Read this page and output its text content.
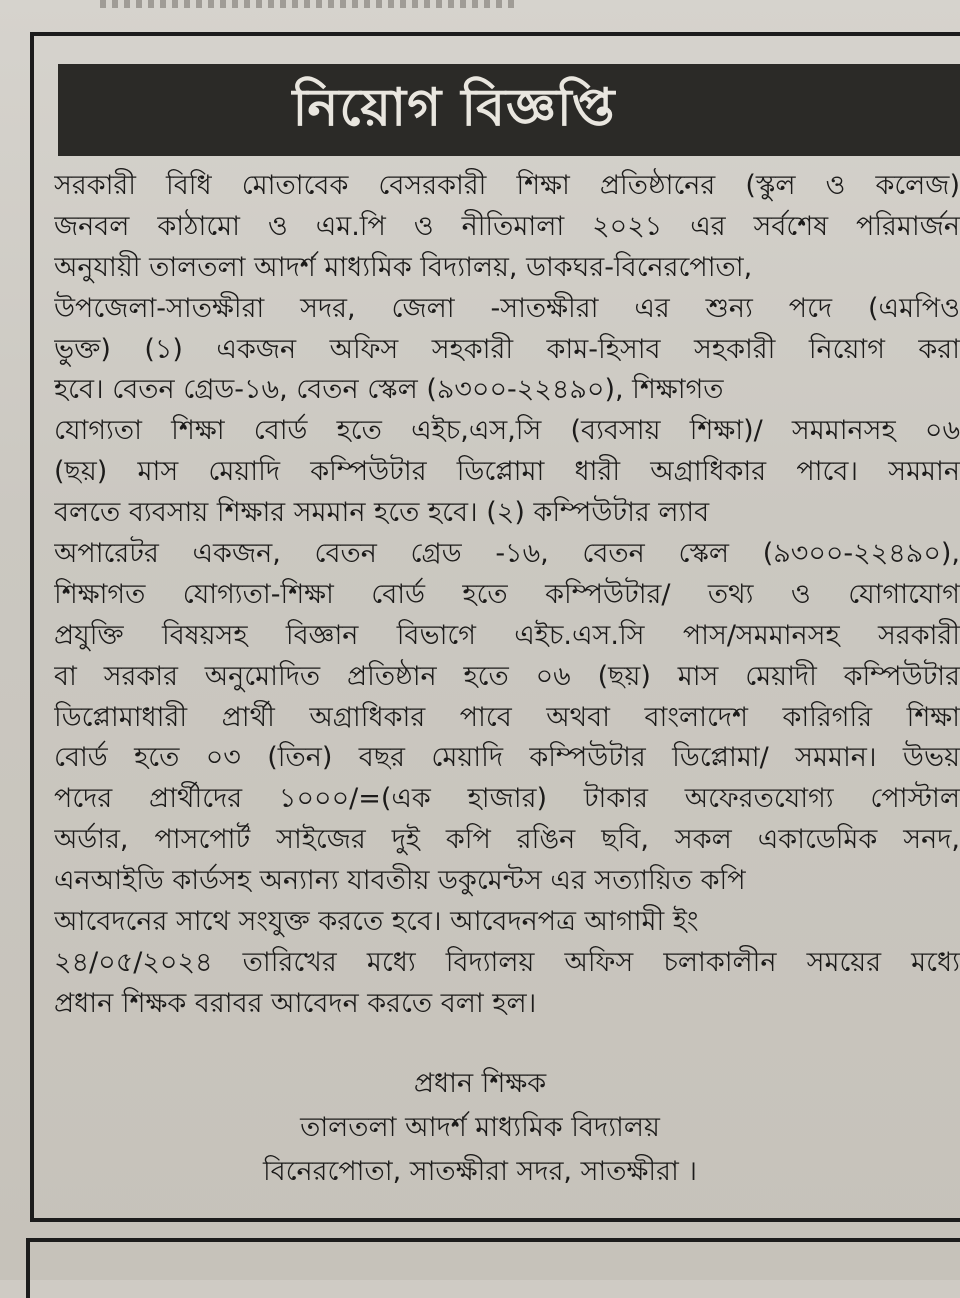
নিয়োগ বিজ্ঞপ্তি
সরকারী বিধি মোতাবেক বেসরকারী শিক্ষা প্রতিষ্ঠানের (স্কুল ও কলেজ)
জনবল কাঠামো ও এম.পি ও নীতিমালা ২০২১ এর সর্বশেষ পরিমার্জন
অনুযায়ী তালতলা আদর্শ মাধ্যমিক বিদ্যালয়, ডাকঘর-বিনেরপোতা,
উপজেলা-সাতক্ষীরা সদর, জেলা -সাতক্ষীরা এর শুন্য পদে (এমপিও
ভুক্ত) (১) একজন অফিস সহকারী কাম-হিসাব সহকারী নিয়োগ করা
হবে। বেতন গ্রেড-১৬, বেতন স্কেল (৯৩০০-২২৪৯০), শিক্ষাগত
যোগ্যতা শিক্ষা বোর্ড হতে এইচ,এস,সি (ব্যবসায় শিক্ষা)/ সমমানসহ ০৬
(ছয়) মাস মেয়াদি কম্পিউটার ডিপ্লোমা ধারী অগ্রাধিকার পাবে। সমমান
বলতে ব্যবসায় শিক্ষার সমমান হতে হবে। (২) কম্পিউটার ল্যাব
অপারেটর একজন, বেতন গ্রেড -১৬, বেতন স্কেল (৯৩০০-২২৪৯০),
শিক্ষাগত যোগ্যতা-শিক্ষা বোর্ড হতে কম্পিউটার/ তথ্য ও যোগাযোগ
প্রযুক্তি বিষয়সহ বিজ্ঞান বিভাগে এইচ.এস.সি পাস/সমমানসহ সরকারী
বা সরকার অনুমোদিত প্রতিষ্ঠান হতে ০৬ (ছয়) মাস মেয়াদী কম্পিউটার
ডিপ্লোমাধারী প্রার্থী অগ্রাধিকার পাবে অথবা বাংলাদেশ কারিগরি শিক্ষা
বোর্ড হতে ০৩ (তিন) বছর মেয়াদি কম্পিউটার ডিপ্লোমা/ সমমান। উভয়
পদের প্রার্থীদের ১০০০/=(এক হাজার) টাকার অফেরতযোগ্য পোস্টাল
অর্ডার, পাসপোর্ট সাইজের দুই কপি রঙিন ছবি, সকল একাডেমিক সনদ,
এনআইডি কার্ডসহ অন্যান্য যাবতীয় ডকুমেন্টস এর সত্যায়িত কপি
আবেদনের সাথে সংযুক্ত করতে হবে। আবেদনপত্র আগামী ইং
২৪/০৫/২০২৪ তারিখের মধ্যে বিদ্যালয় অফিস চলাকালীন সময়ের মধ্যে
প্রধান শিক্ষক বরাবর আবেদন করতে বলা হল।
প্রধান শিক্ষক
তালতলা আদর্শ মাধ্যমিক বিদ্যালয়
বিনেরপোতা, সাতক্ষীরা সদর, সাতক্ষীরা ।
